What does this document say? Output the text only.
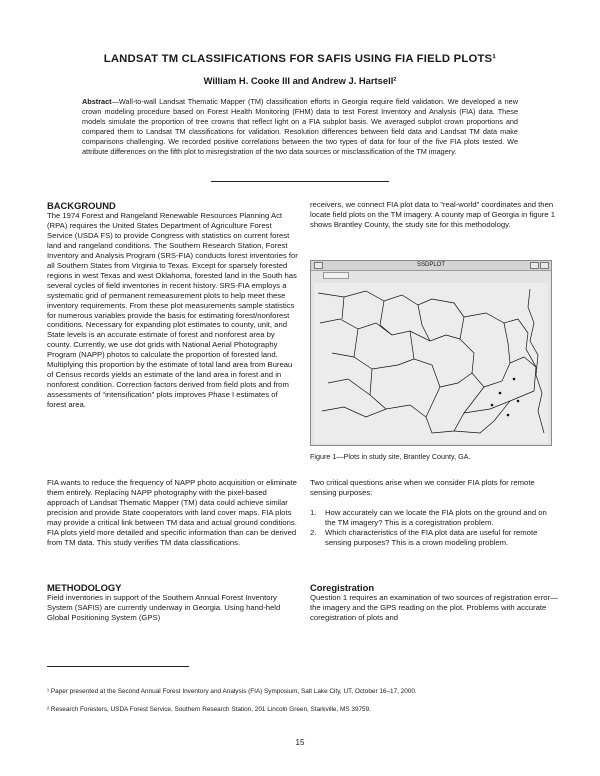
LANDSAT TM CLASSIFICATIONS FOR SAFIS USING FIA FIELD PLOTS¹
William H. Cooke III and Andrew J. Hartsell²
Abstract—Wall-to-wall Landsat Thematic Mapper (TM) classification efforts in Georgia require field validation. We developed a new crown modeling procedure based on Forest Health Monitoring (FHM) data to test Forest Inventory and Analysis (FIA) data. These models simulate the proportion of tree crowns that reflect light on a FIA subplot basis. We averaged subplot crown proportions and compared them to Landsat TM classifications for validation. Resolution differences between field data and Landsat TM data make comparisons challenging. We recorded positive correlations between the two types of data for four of the five FIA plots tested. We attribute differences on the fifth plot to misregistration of the two data sources or misclassification of the TM imagery.
BACKGROUND

The 1974 Forest and Rangeland Renewable Resources Planning Act (RPA) requires the United States Department of Agriculture Forest Service (USDA FS) to provide Congress with statistics on current forest land and rangeland conditions. The Southern Research Station, Forest Inventory and Analysis Program (SRS-FIA) conducts forest inventories for all Southern States from Virginia to Texas. Except for sparsely forested regions in west Texas and west Oklahoma, forested land in the South has several cycles of field inventories in recent history. SRS-FIA employs a systematic grid of permanent remeasurement plots to help meet these inventory requirements. From these plot measurements sample statistics for numerous variables provide the basis for estimating forest/nonforest conditions. Necessary for expanding plot estimates to county, unit, and State levels is an accurate estimate of forest and nonforest area by county. Currently, we use dot grids with National Aerial Photography Program (NAPP) photos to calculate the proportion of forested land. Multiplying this proportion by the estimate of total land area from Bureau of Census records yields an estimate of the land area in forest and in nonforest condition. Correction factors derived from field plots and from assessments of “intensification” plots improves Phase I estimates of forest area.

FIA wants to reduce the frequency of NAPP photo acquisition or eliminate them entirely. Replacing NAPP photography with the pixel-based approach of Landsat Thematic Mapper (TM) data could achieve similar precision and provide State cooperators with land cover maps. FIA plots may provide a critical link between TM data and actual ground conditions. FIA plots yield more detailed and specific information than can be derived from TM data. This study verifies TM data classifications.

METHODOLOGY

Field inventories in support of the Southern Annual Forest Inventory System (SAFIS) are currently underway in Georgia. Using hand-held Global Positioning System (GPS)

receivers, we connect FIA plot data to “real-world” coordinates and then locate field plots on the TM imagery. A county map of Georgia in figure 1 shows Brantley County, the study site for this methodology.

SSDPLOT
Figure 1—Plots in study site, Brantley County, GA.

Two critical questions arise when we consider FIA plots for remote sensing purposes:

1. How accurately can we locate the FIA plots on the ground and on the TM imagery? This is a coregistration problem.
2. Which characteristics of the FIA plot data are useful for remote sensing purposes? This is a crown modeling problem.
Coregistration

Question 1 requires an examination of two sources of registration error—the imagery and the GPS reading on the plot. Problems with accurate coregistration of plots and

¹ Paper presented at the Second Annual Forest Inventory and Analysis (FIA) Symposium, Salt Lake City, UT, October 16–17, 2000.
² Research Foresters, USDA Forest Service, Southern Research Station, 201 Lincoln Green, Starkville, MS 39759.
15
